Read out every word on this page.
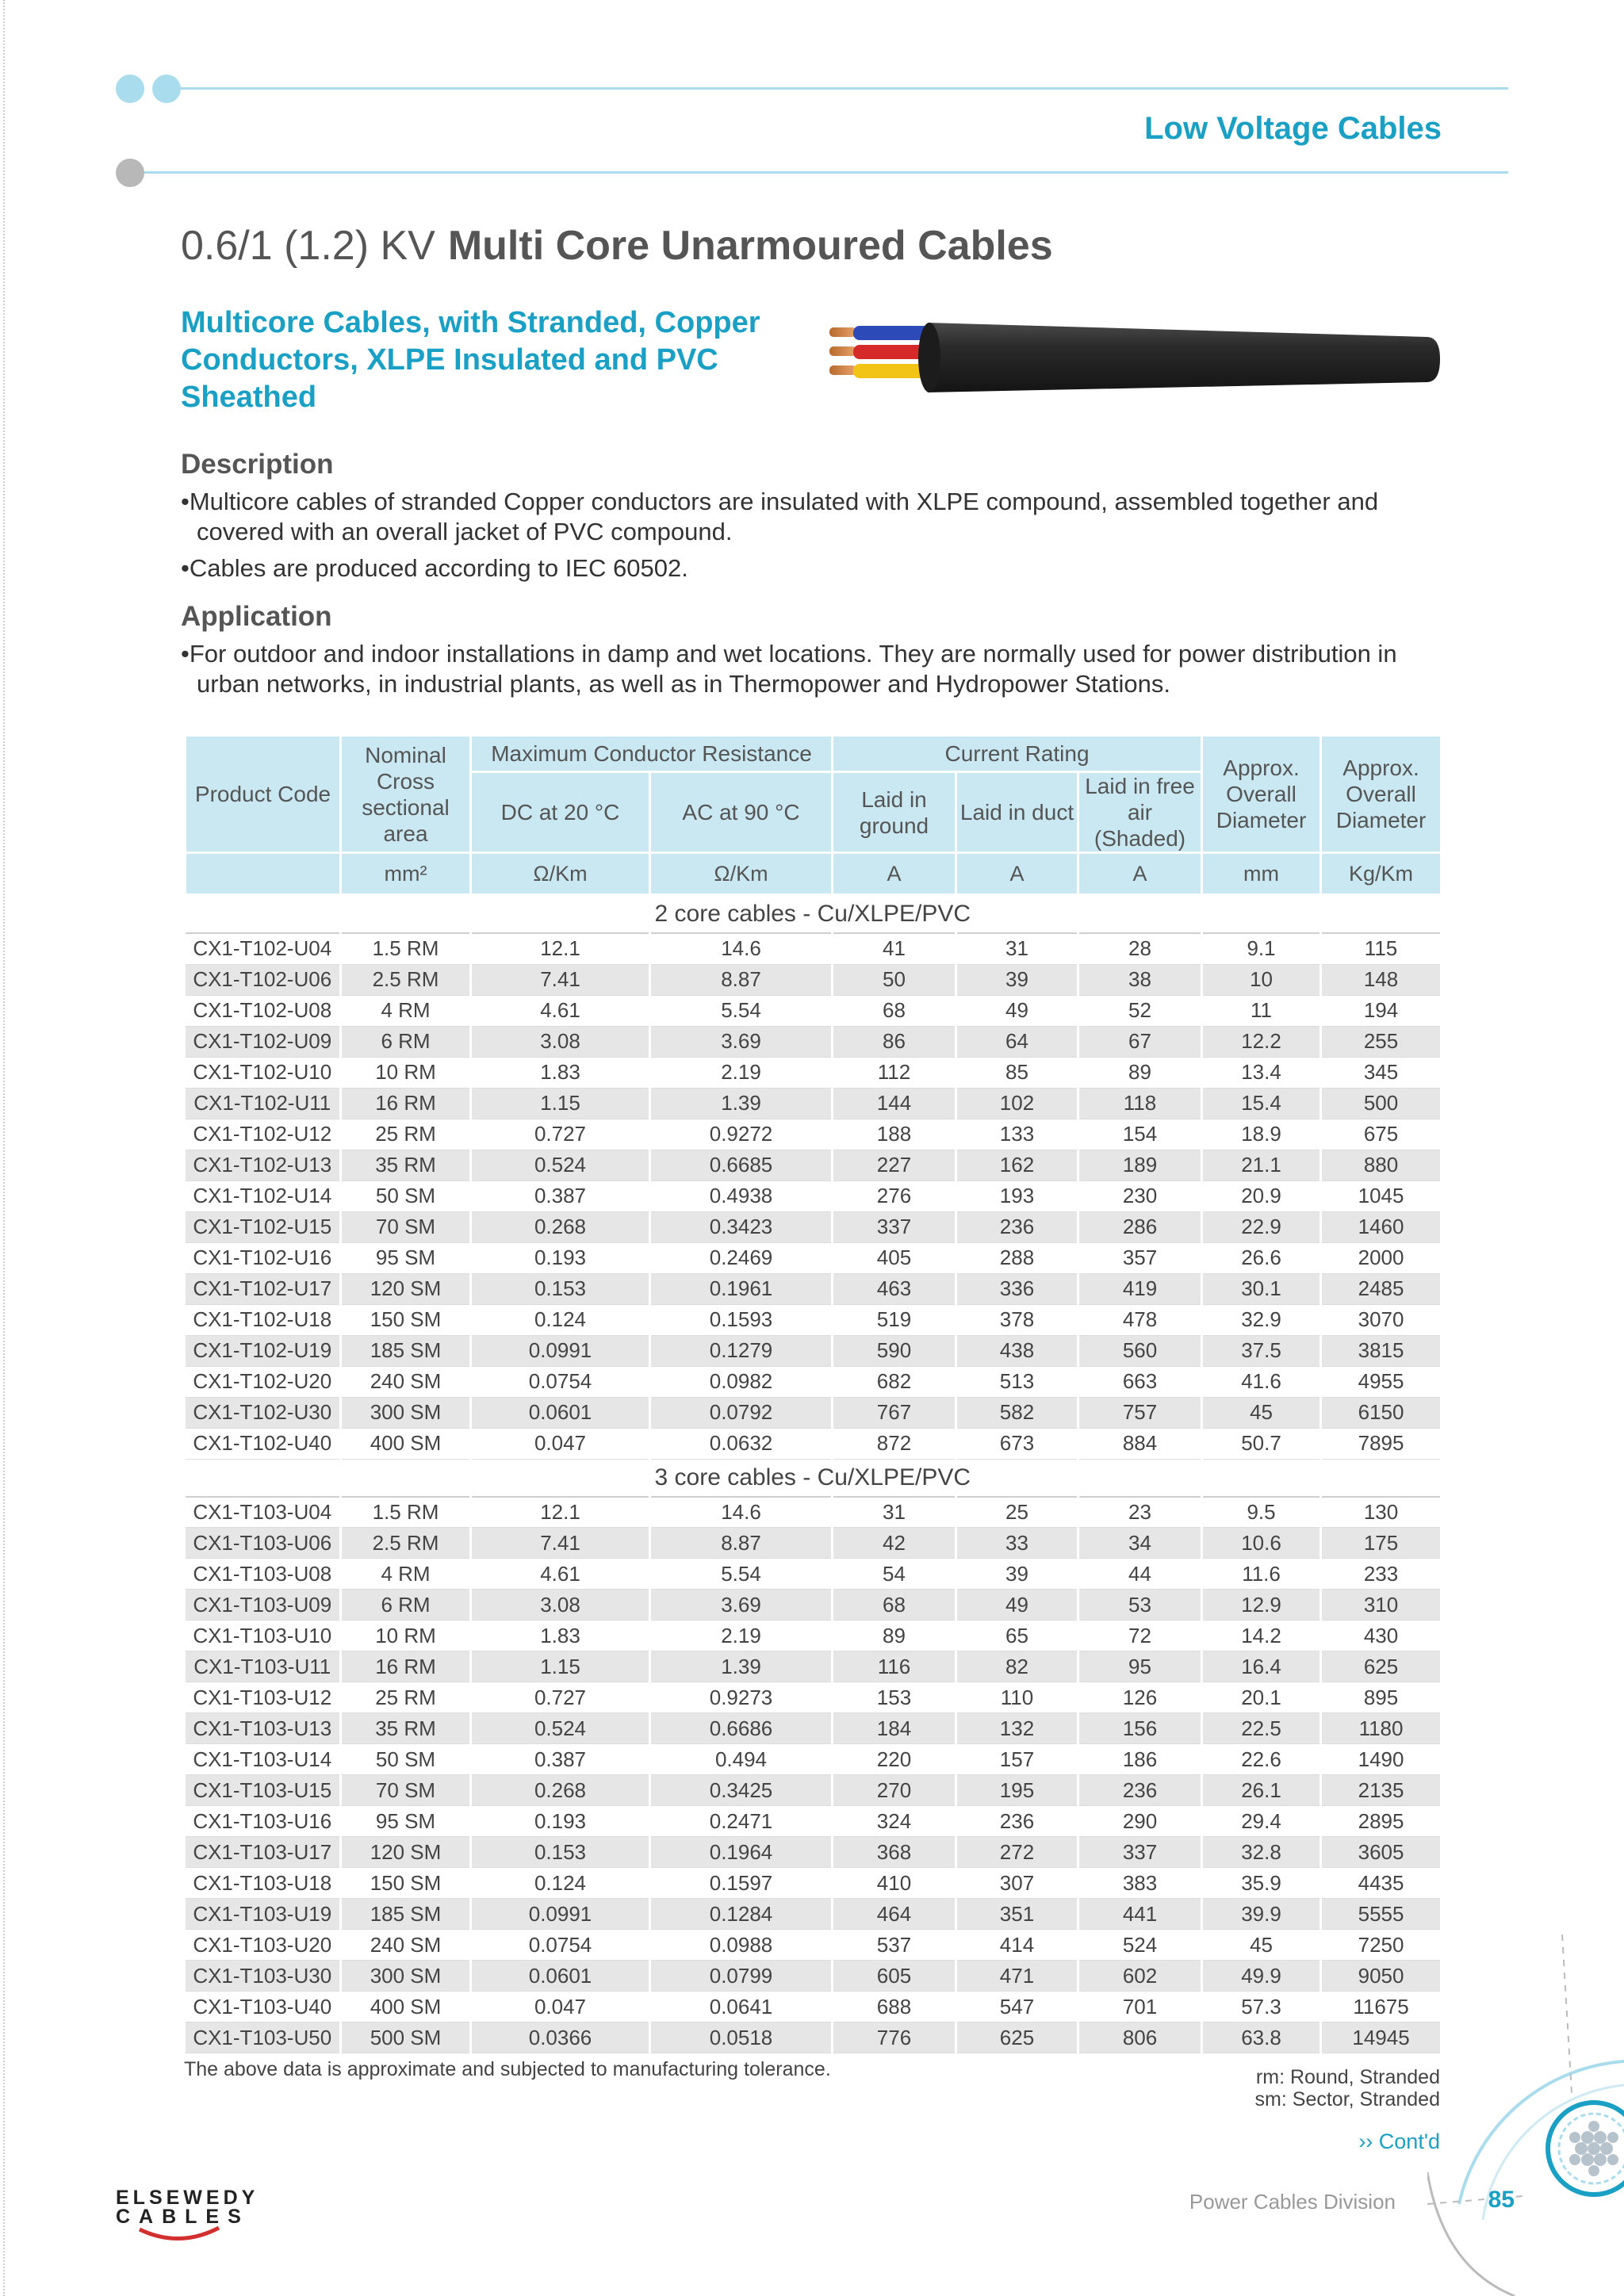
Low Voltage Cables
0.6/1 (1.2) KV Multi Core Unarmoured Cables
Multicore Cables, with Stranded, Copper Conductors, XLPE Insulated and PVC Sheathed
Description
•Multicore cables of stranded Copper conductors are insulated with XLPE compound, assembled together and covered with an overall jacket of PVC compound.
•Cables are produced according to IEC 60502.
Application
•For outdoor and indoor installations in damp and wet locations. They are normally used for power distribution in urban networks, in industrial plants, as well as in Thermopower and Hydropower Stations.
Product Code	Nominal Cross sectional area	Maximum Conductor Resistance		Current Rating			Approx. Overall Diameter	Approx. Overall Diameter
		DC at 20 °C	AC at 90 °C	Laid in ground	Laid in duct	Laid in free air (Shaded)		
	mm²	Ω/Km	Ω/Km	A	A	A	mm	Kg/Km
2 core cables - Cu/XLPE/PVC								
CX1-T102-U04	1.5 RM	12.1	14.6	41	31	28	9.1	115
CX1-T102-U06	2.5 RM	7.41	8.87	50	39	38	10	148
CX1-T102-U08	4 RM	4.61	5.54	68	49	52	11	194
CX1-T102-U09	6 RM	3.08	3.69	86	64	67	12.2	255
CX1-T102-U10	10 RM	1.83	2.19	112	85	89	13.4	345
CX1-T102-U11	16 RM	1.15	1.39	144	102	118	15.4	500
CX1-T102-U12	25 RM	0.727	0.9272	188	133	154	18.9	675
CX1-T102-U13	35 RM	0.524	0.6685	227	162	189	21.1	880
CX1-T102-U14	50 SM	0.387	0.4938	276	193	230	20.9	1045
CX1-T102-U15	70 SM	0.268	0.3423	337	236	286	22.9	1460
CX1-T102-U16	95 SM	0.193	0.2469	405	288	357	26.6	2000
CX1-T102-U17	120 SM	0.153	0.1961	463	336	419	30.1	2485
CX1-T102-U18	150 SM	0.124	0.1593	519	378	478	32.9	3070
CX1-T102-U19	185 SM	0.0991	0.1279	590	438	560	37.5	3815
CX1-T102-U20	240 SM	0.0754	0.0982	682	513	663	41.6	4955
CX1-T102-U30	300 SM	0.0601	0.0792	767	582	757	45	6150
CX1-T102-U40	400 SM	0.047	0.0632	872	673	884	50.7	7895
3 core cables - Cu/XLPE/PVC								
CX1-T103-U04	1.5 RM	12.1	14.6	31	25	23	9.5	130
CX1-T103-U06	2.5 RM	7.41	8.87	42	33	34	10.6	175
CX1-T103-U08	4 RM	4.61	5.54	54	39	44	11.6	233
CX1-T103-U09	6 RM	3.08	3.69	68	49	53	12.9	310
CX1-T103-U10	10 RM	1.83	2.19	89	65	72	14.2	430
CX1-T103-U11	16 RM	1.15	1.39	116	82	95	16.4	625
CX1-T103-U12	25 RM	0.727	0.9273	153	110	126	20.1	895
CX1-T103-U13	35 RM	0.524	0.6686	184	132	156	22.5	1180
CX1-T103-U14	50 SM	0.387	0.494	220	157	186	22.6	1490
CX1-T103-U15	70 SM	0.268	0.3425	270	195	236	26.1	2135
CX1-T103-U16	95 SM	0.193	0.2471	324	236	290	29.4	2895
CX1-T103-U17	120 SM	0.153	0.1964	368	272	337	32.8	3605
CX1-T103-U18	150 SM	0.124	0.1597	410	307	383	35.9	4435
CX1-T103-U19	185 SM	0.0991	0.1284	464	351	441	39.9	5555
CX1-T103-U20	240 SM	0.0754	0.0988	537	414	524	45	7250
CX1-T103-U30	300 SM	0.0601	0.0799	605	471	602	49.9	9050
CX1-T103-U40	400 SM	0.047	0.0641	688	547	701	57.3	11675
CX1-T103-U50	500 SM	0.0366	0.0518	776	625	806	63.8	14945
The above data is approximate and subjected to manufacturing tolerance.	rm: Round, Stranded
sm: Sector, Stranded
›› Cont'd
Power Cables Division	85
ELSEWEDY
CABLES
